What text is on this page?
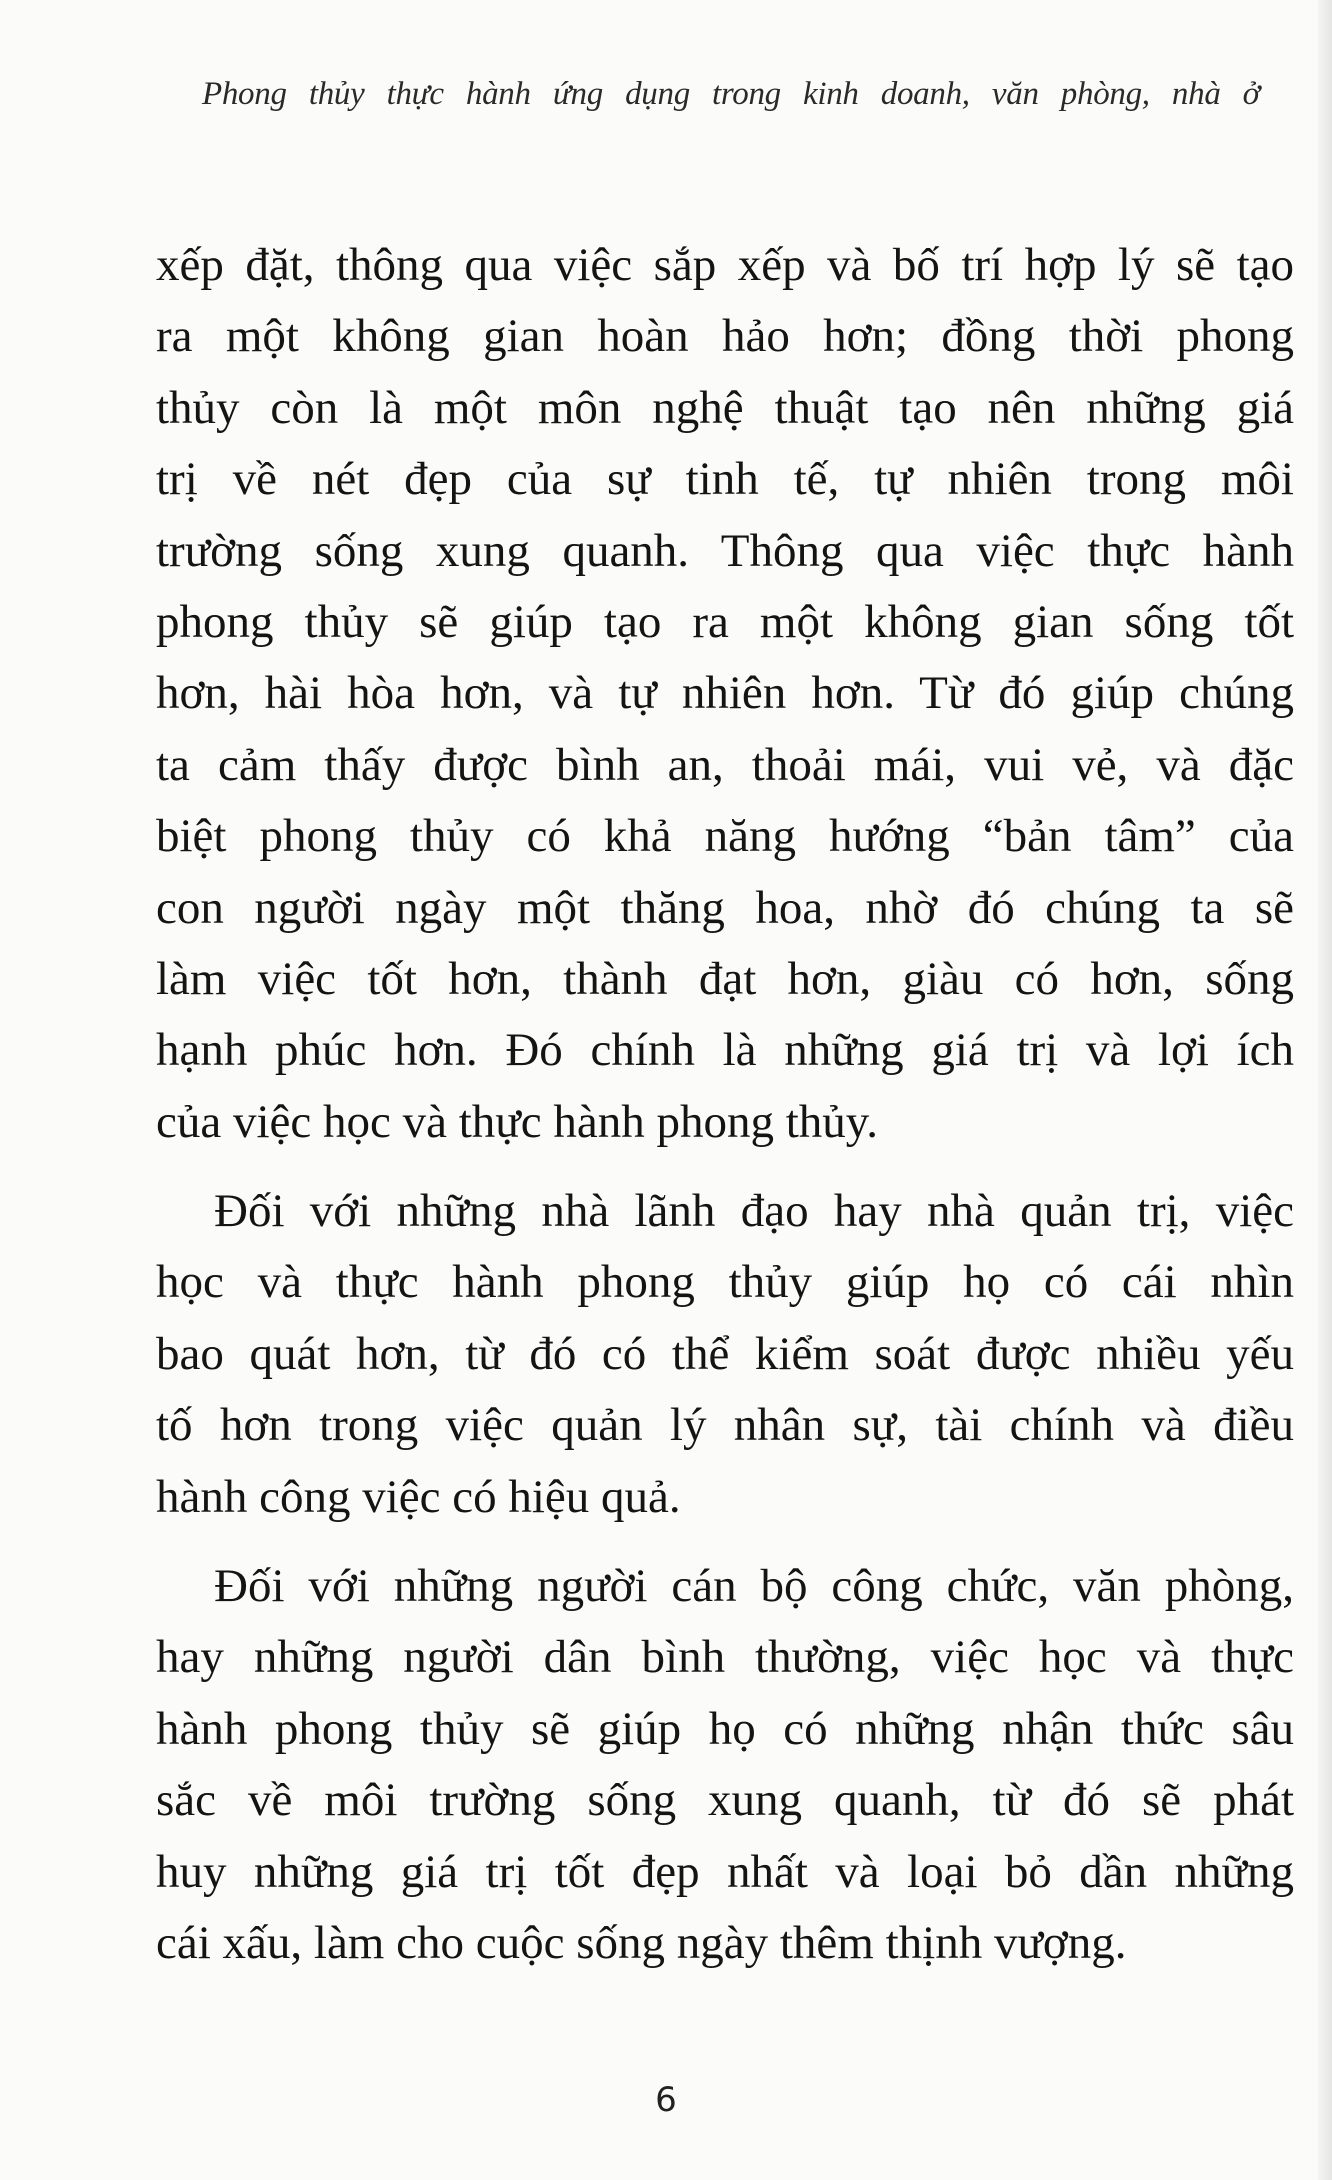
Phong thủy thực hành ứng dụng trong kinh doanh, văn phòng, nhà ở
xếp đặt, thông qua việc sắp xếp và bố trí hợp lý sẽ tạo
ra một không gian hoàn hảo hơn; đồng thời phong
thủy còn là một môn nghệ thuật tạo nên những giá
trị về nét đẹp của sự tinh tế, tự nhiên trong môi
trường sống xung quanh. Thông qua việc thực hành
phong thủy sẽ giúp tạo ra một không gian sống tốt
hơn, hài hòa hơn, và tự nhiên hơn. Từ đó giúp chúng
ta cảm thấy được bình an, thoải mái, vui vẻ, và đặc
biệt phong thủy có khả năng hướng “bản tâm” của
con người ngày một thăng hoa, nhờ đó chúng ta sẽ
làm việc tốt hơn, thành đạt hơn, giàu có hơn, sống
hạnh phúc hơn. Đó chính là những giá trị và lợi ích
của việc học và thực hành phong thủy.
Đối với những nhà lãnh đạo hay nhà quản trị, việc
học và thực hành phong thủy giúp họ có cái nhìn
bao quát hơn, từ đó có thể kiểm soát được nhiều yếu
tố hơn trong việc quản lý nhân sự, tài chính và điều
hành công việc có hiệu quả.
Đối với những người cán bộ công chức, văn phòng,
hay những người dân bình thường, việc học và thực
hành phong thủy sẽ giúp họ có những nhận thức sâu
sắc về môi trường sống xung quanh, từ đó sẽ phát
huy những giá trị tốt đẹp nhất và loại bỏ dần những
cái xấu, làm cho cuộc sống ngày thêm thịnh vượng.
6
